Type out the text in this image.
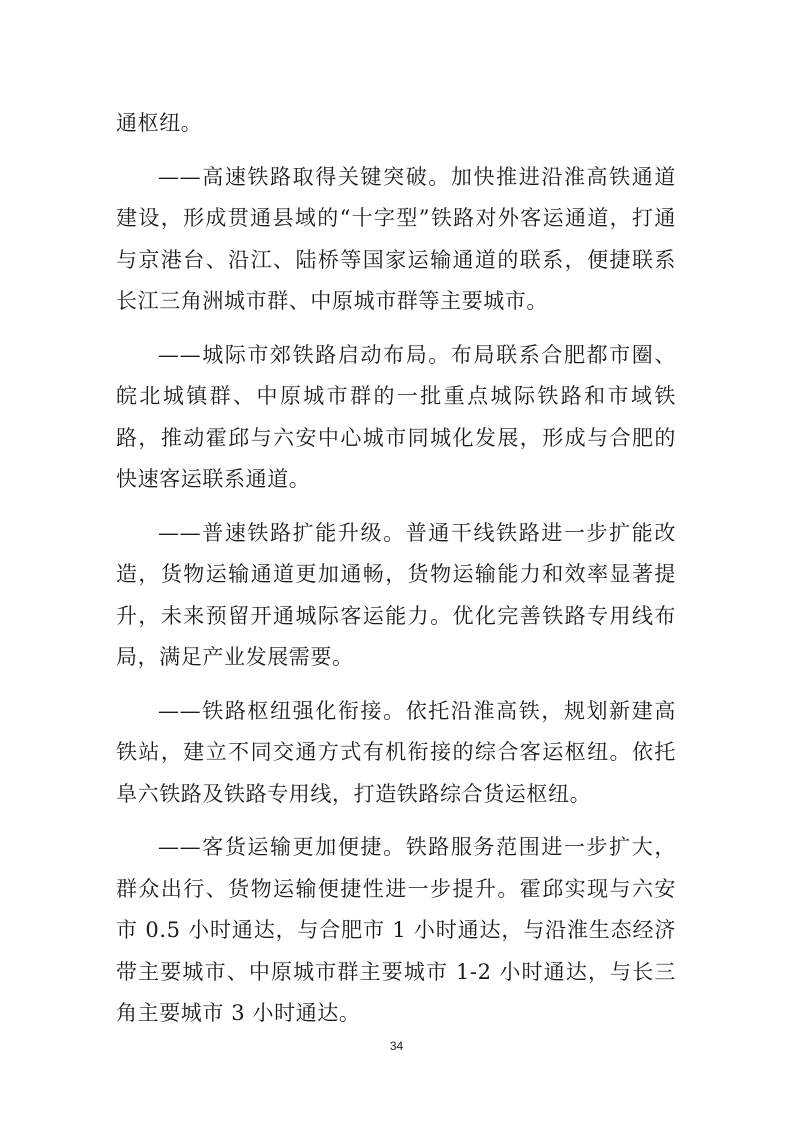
通枢纽。

——高速铁路取得关键突破。加快推进沿淮高铁通道建设，形成贯通县域的“十字型”铁路对外客运通道，打通与京港台、沿江、陆桥等国家运输通道的联系，便捷联系长江三角洲城市群、中原城市群等主要城市。

——城际市郊铁路启动布局。布局联系合肥都市圈、皖北城镇群、中原城市群的一批重点城际铁路和市域铁路，推动霍邱与六安中心城市同城化发展，形成与合肥的快速客运联系通道。

——普速铁路扩能升级。普通干线铁路进一步扩能改造，货物运输通道更加通畅，货物运输能力和效率显著提升，未来预留开通城际客运能力。优化完善铁路专用线布局，满足产业发展需要。

——铁路枢纽强化衔接。依托沿淮高铁，规划新建高铁站，建立不同交通方式有机衔接的综合客运枢纽。依托阜六铁路及铁路专用线，打造铁路综合货运枢纽。

——客货运输更加便捷。铁路服务范围进一步扩大，群众出行、货物运输便捷性进一步提升。霍邱实现与六安市 0.5 小时通达，与合肥市 1 小时通达，与沿淮生态经济带主要城市、中原城市群主要城市 1-2 小时通达，与长三角主要城市 3 小时通达。

34
